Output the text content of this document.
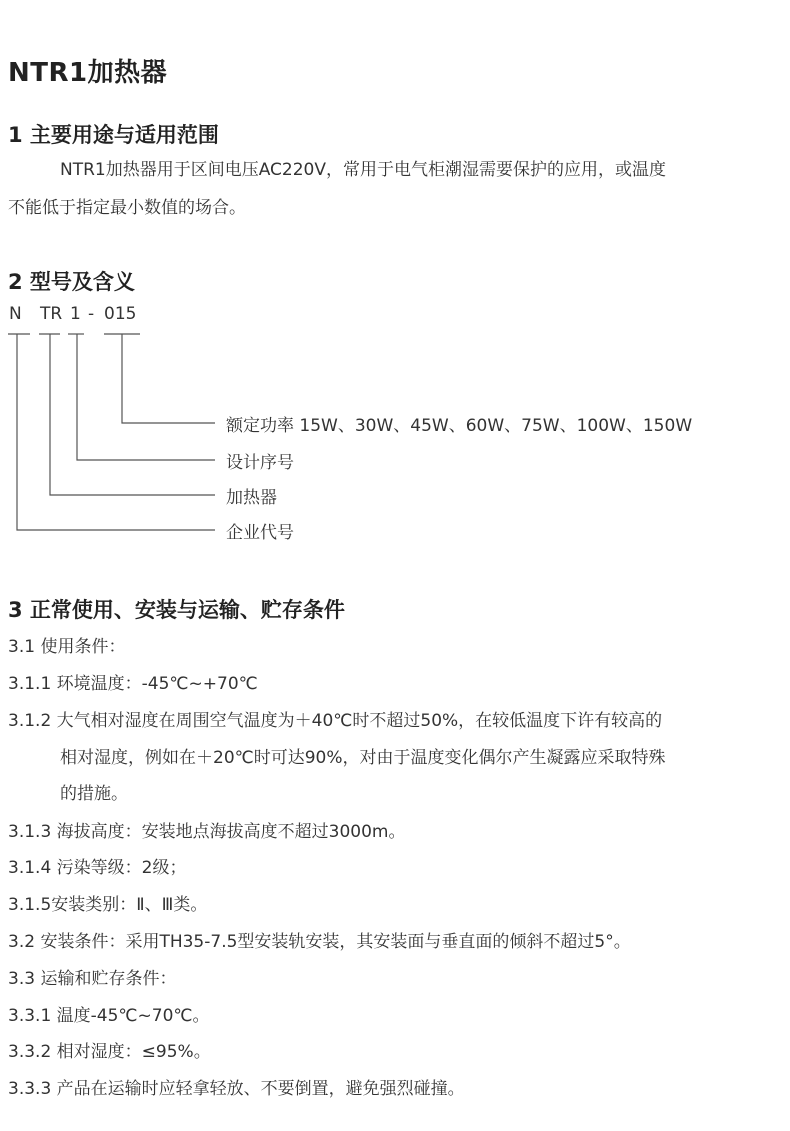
NTR1加热器
1 主要用途与适用范围
NTR1加热器用于区间电压AC220V，常用于电气柜潮湿需要保护的应用，或温度
不能低于指定最小数值的场合。
2 型号及含义
N TR 1 - 015
额定功率 15W、30W、45W、60W、75W、100W、150W
设计序号
加热器
企业代号
3 正常使用、安装与运输、贮存条件
3.1 使用条件：
3.1.1 环境温度：-45℃~+70℃
3.1.2 大气相对湿度在周围空气温度为＋40℃时不超过50%，在较低温度下许有较高的
相对湿度，例如在＋20℃时可达90%，对由于温度变化偶尔产生凝露应采取特殊
的措施。
3.1.3 海拔高度：安装地点海拔高度不超过3000m。
3.1.4 污染等级：2级；
3.1.5安装类别：Ⅱ、Ⅲ类。
3.2 安装条件：采用TH35-7.5型安装轨安装，其安装面与垂直面的倾斜不超过5°。
3.3 运输和贮存条件：
3.3.1 温度-45℃~70℃。
3.3.2 相对湿度：≤95%。
3.3.3 产品在运输时应轻拿轻放、不要倒置，避免强烈碰撞。
